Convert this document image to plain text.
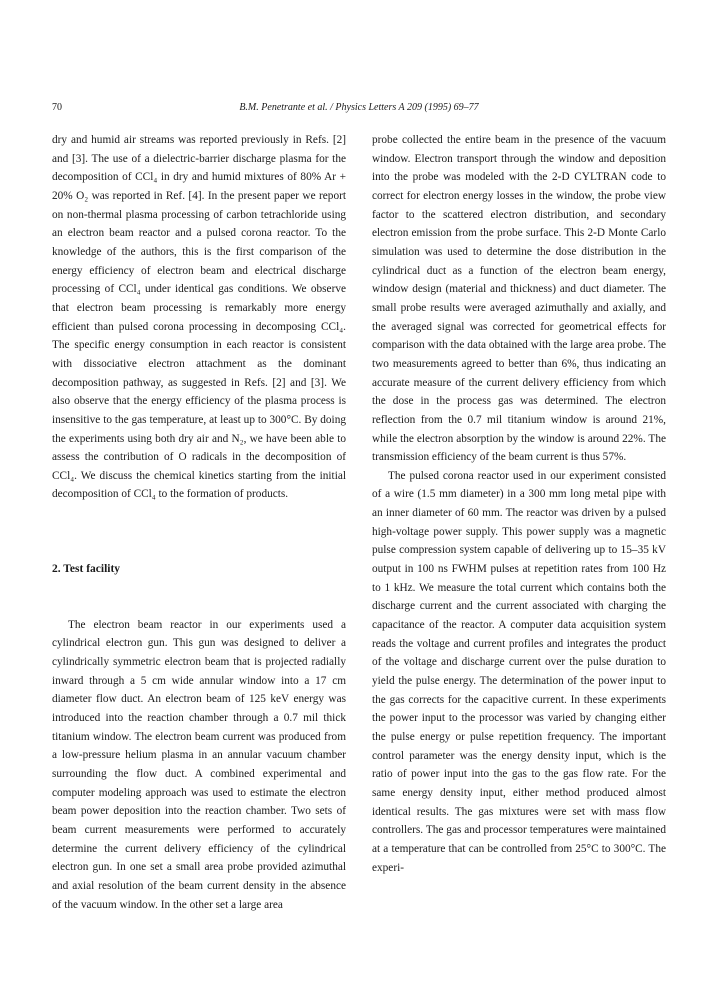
70	B.M. Penetrante et al. / Physics Letters A 209 (1995) 69–77

dry and humid air streams was reported previously in Refs. [2] and [3]. The use of a dielectric-barrier discharge plasma for the decomposition of CCl₄ in dry and humid mixtures of 80% Ar + 20% O₂ was reported in Ref. [4]. In the present paper we report on non-thermal plasma processing of carbon tetrachloride using an electron beam reactor and a pulsed corona reactor. To the knowledge of the authors, this is the first comparison of the energy efficiency of electron beam and electrical discharge processing of CCl₄ under identical gas conditions. We observe that electron beam processing is remarkably more energy efficient than pulsed corona processing in decomposing CCl₄. The specific energy consumption in each reactor is consistent with dissociative electron attachment as the dominant decomposition pathway, as suggested in Refs. [2] and [3]. We also observe that the energy efficiency of the plasma process is insensitive to the gas temperature, at least up to 300°C. By doing the experiments using both dry air and N₂, we have been able to assess the contribution of O radicals in the decomposition of CCl₄. We discuss the chemical kinetics starting from the initial decomposition of CCl₄ to the formation of products.

2. Test facility

The electron beam reactor in our experiments used a cylindrical electron gun. This gun was designed to deliver a cylindrically symmetric electron beam that is projected radially inward through a 5 cm wide annular window into a 17 cm diameter flow duct. An electron beam of 125 keV energy was introduced into the reaction chamber through a 0.7 mil thick titanium window. The electron beam current was produced from a low-pressure helium plasma in an annular vacuum chamber surrounding the flow duct. A combined experimental and computer modeling approach was used to estimate the electron beam power deposition into the reaction chamber. Two sets of beam current measurements were performed to accurately determine the current delivery efficiency of the cylindrical electron gun. In one set a small area probe provided azimuthal and axial resolution of the beam current density in the absence of the vacuum window. In the other set a large area

probe collected the entire beam in the presence of the vacuum window. Electron transport through the window and deposition into the probe was modeled with the 2-D CYLTRAN code to correct for electron energy losses in the window, the probe view factor to the scattered electron distribution, and secondary electron emission from the probe surface. This 2-D Monte Carlo simulation was used to determine the dose distribution in the cylindrical duct as a function of the electron beam energy, window design (material and thickness) and duct diameter. The small probe results were averaged azimuthally and axially, and the averaged signal was corrected for geometrical effects for comparison with the data obtained with the large area probe. The two measurements agreed to better than 6%, thus indicating an accurate measure of the current delivery efficiency from which the dose in the process gas was determined. The electron reflection from the 0.7 mil titanium window is around 21%, while the electron absorption by the window is around 22%. The transmission efficiency of the beam current is thus 57%.

The pulsed corona reactor used in our experiment consisted of a wire (1.5 mm diameter) in a 300 mm long metal pipe with an inner diameter of 60 mm. The reactor was driven by a pulsed high-voltage power supply. This power supply was a magnetic pulse compression system capable of delivering up to 15–35 kV output in 100 ns FWHM pulses at repetition rates from 100 Hz to 1 kHz. We measure the total current which contains both the discharge current and the current associated with charging the capacitance of the reactor. A computer data acquisition system reads the voltage and current profiles and integrates the product of the voltage and discharge current over the pulse duration to yield the pulse energy. The determination of the power input to the gas corrects for the capacitive current. In these experiments the power input to the processor was varied by changing either the pulse energy or pulse repetition frequency. The important control parameter was the energy density input, which is the ratio of power input into the gas to the gas flow rate. For the same energy density input, either method produced almost identical results. The gas mixtures were set with mass flow controllers. The gas and processor temperatures were maintained at a temperature that can be controlled from 25°C to 300°C. The experi-
